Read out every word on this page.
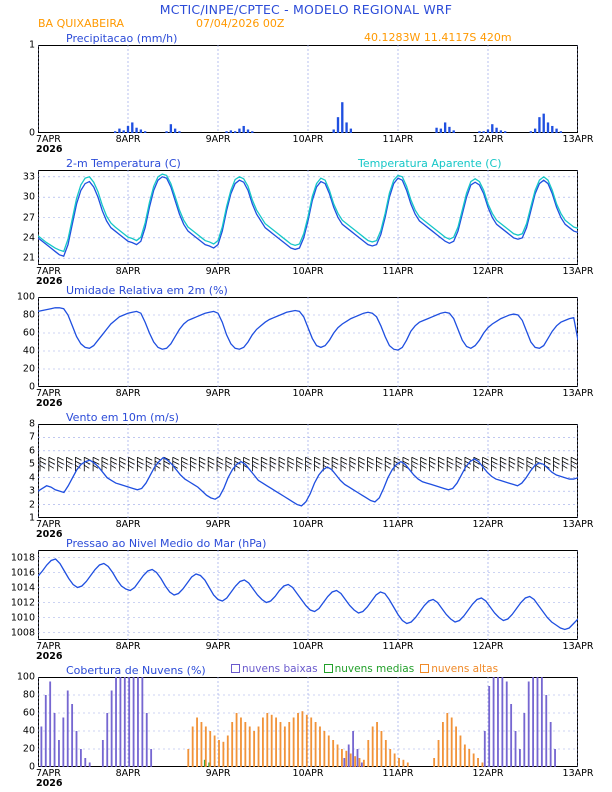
MCTIC/INPE/CPTEC - MODELO REGIONAL WRF
BA QUIXABEIRA	07/04/2026 00Z
40.1283W 11.4117S 420m
Precipitacao (mm/h)
0
1
7APR	8APR	9APR	10APR	11APR	12APR	13APR
2026
2-m Temperatura (C)	Temperatura Aparente (C)
21
24
27
30
33
7APR	8APR	9APR	10APR	11APR	12APR	13APR
2026
Umidade Relativa em 2m (%)
0
20
40
60
80
100
7APR	8APR	9APR	10APR	11APR	12APR	13APR
2026
Vento em 10m (m/s)
1
2
3
4
5
6
7
8
7APR	8APR	9APR	10APR	11APR	12APR	13APR
2026
Pressao ao Nivel Medio do Mar (hPa)
1008
1010
1012
1014
1016
1018
7APR	8APR	9APR	10APR	11APR	12APR	13APR
2026
Cobertura de Nuvens (%)	nuvens baixas nuvens medias nuvens altas
0
20
40
60
80
100
7APR	8APR	9APR	10APR	11APR	12APR	13APR
2026
